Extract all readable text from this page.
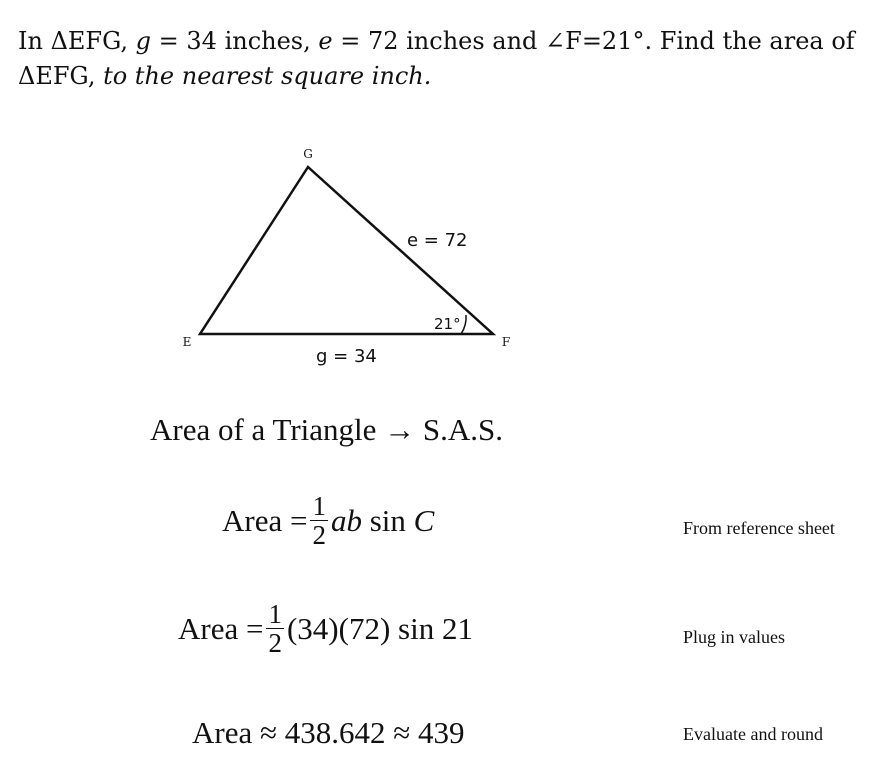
In ΔEFG, g = 34 inches, e = 72 inches and ∠F=21°. Find the area of ΔEFG, to the nearest square inch.
G
E	F
e = 72
g = 34
21°
Area of a Triangle → S.A.S.
Area = $\frac{1}{2}$ ab sin C	From reference sheet
Area = $\frac{1}{2} (34)(72)$ sin 21	Plug in values
Area ≈ 438.642 ≈ 439	Evaluate and round
